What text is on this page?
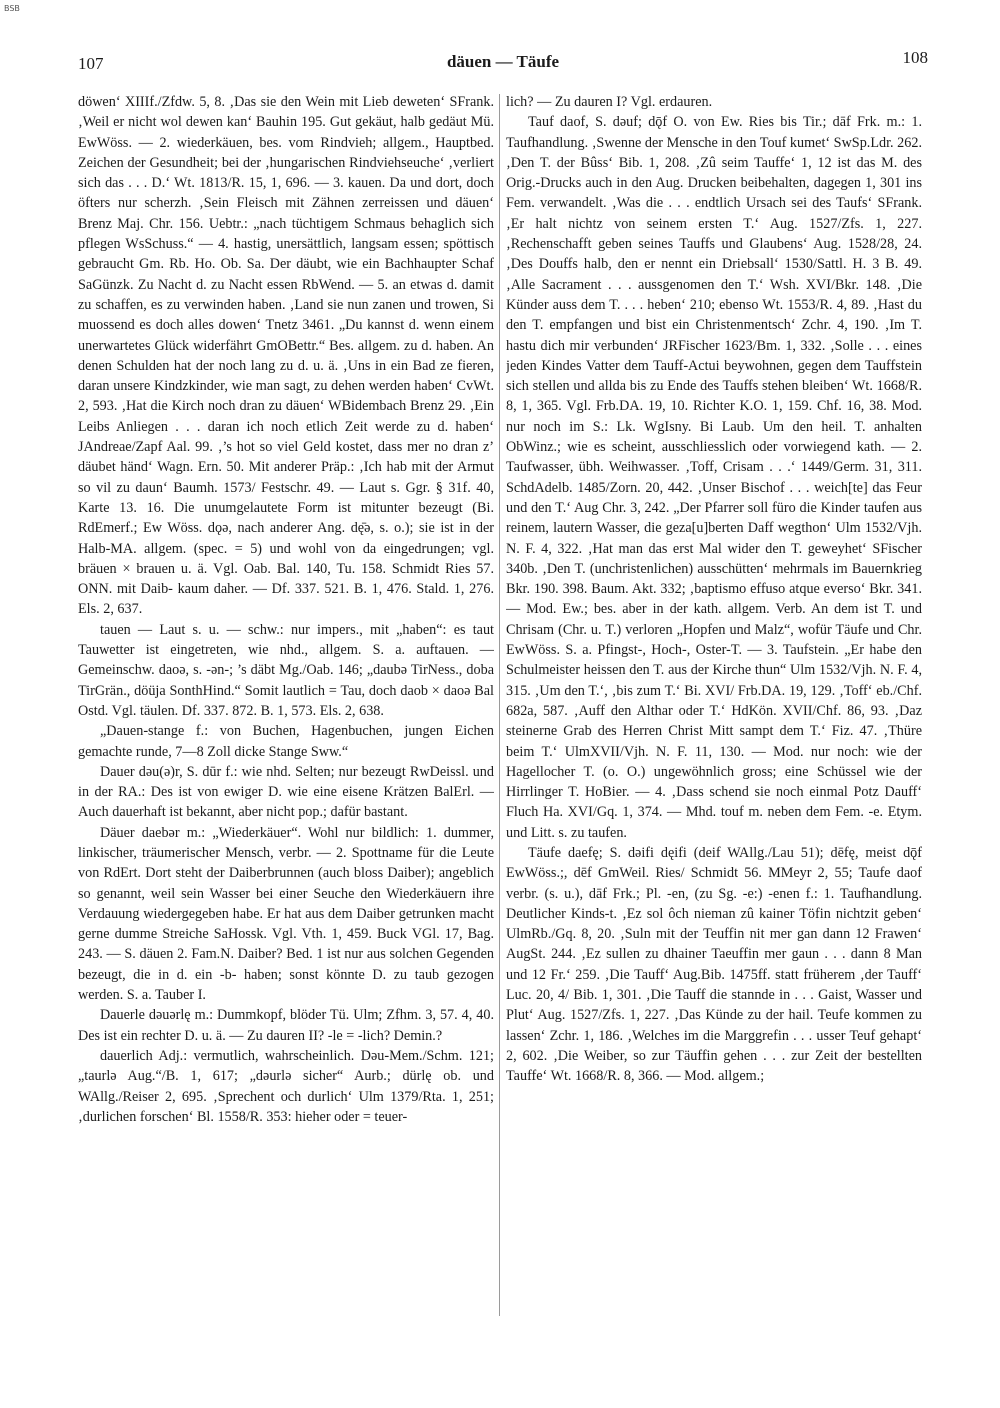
BSB
107	däuen — Täufe	108

döwen‘ XIIIf./Zfdw. 5, 8. ‚Das sie den Wein mit Lieb deweten‘ SFrank. ‚Weil er nicht wol dewen kan‘ Bauhin 195. Gut gekäut, halb gedäut Mü. EwWöss. — 2. wiederkäuen, bes. vom Rindvieh; allgem., Hauptbed. Zeichen der Gesundheit; bei der ‚hungarischen Rindviehseuche‘ ‚verliert sich das . . . D.‘ Wt. 1813/R. 15, 1, 696. — 3. kauen. Da und dort, doch öfters nur scherzh. ‚Sein Fleisch mit Zähnen zerreissen und däuen‘ Brenz Maj. Chr. 156. Uebtr.: „nach tüchtigem Schmaus behaglich sich pflegen WsSchuss.“ — 4. hastig, unersättlich, langsam essen; spöttisch gebraucht Gm. Rb. Ho. Ob. Sa. Der däubt, wie ein Bachhaupter Schaf SaGünzk. Zu Nacht d. zu Nacht essen RbWend. — 5. an etwas d. damit zu schaffen, es zu verwinden haben. ‚Land sie nun zanen und trowen, Si muossend es doch alles dowen‘ Tnetz 3461. „Du kannst d. wenn einem unerwartetes Glück widerfährt GmOBettr.“ Bes. allgem. zu d. haben. An denen Schulden hat der noch lang zu d. u. ä. ‚Uns in ein Bad ze fieren, daran unsere Kindzkinder, wie man sagt, zu dehen werden haben‘ CvWt. 2, 593. ‚Hat die Kirch noch dran zu däuen‘ WBidembach Brenz 29. ‚Ein Leibs Anliegen . . . daran ich noch etlich Zeit werde zu d. haben‘ JAndreae/Zapf Aal. 99. ‚’s hot so viel Geld kostet, dass mer no dran z’ däubet händ‘ Wagn. Ern. 50. Mit anderer Präp.: ‚Ich hab mit der Armut so vil zu daun‘ Baumh. 1573/ Festschr. 49. — Laut s. Ggr. § 31f. 40, Karte 13. 16. Die unumgelautete Form ist mitunter bezeugt (Bi. RdEmerf.; Ew Wöss. dǫə, nach anderer Ang. dę̄ə, s. o.); sie ist in der Halb-MA. allgem. (spec. = 5) und wohl von da eingedrungen; vgl. bräuen × brauen u. ä. Vgl. Oab. Bal. 140, Tu. 158. Schmidt Ries 57. ONN. mit Daib- kaum daher. — Df. 337. 521. B. 1, 476. Stald. 1, 276. Els. 2, 637.

tauen — Laut s. u. — schw.: nur impers., mit „haben“: es taut Tauwetter ist eingetreten, wie nhd., allgem. S. a. auftauen. — Gemeinschw. daoə, s. -ən-; ’s däbt Mg./Oab. 146; „daubə TirNess., doba TirGrän., döüja SonthHind.“ Somit lautlich = Tau, doch daob × daoə Bal Ostd. Vgl. täulen. Df. 337. 872. B. 1, 573. Els. 2, 638.

„Dauen-stange f.: von Buchen, Hagenbuchen, jungen Eichen gemachte runde, 7—8 Zoll dicke Stange Sww.“

Dauer dəu(ə)r, S. dūr f.: wie nhd. Selten; nur bezeugt RwDeissl. und in der RA.: Des ist von ewiger D. wie eine eisene Krätzen BalErl. — Auch dauerhaft ist bekannt, aber nicht pop.; dafür bastant.

Däuer daebər m.: „Wiederkäuer“. Wohl nur bildlich: 1. dummer, linkischer, träumerischer Mensch, verbr. — 2. Spottname für die Leute von RdErt. Dort steht der Daiberbrunnen (auch bloss Daiber); angeblich so genannt, weil sein Wasser bei einer Seuche den Wiederkäuern ihre Verdauung wiedergegeben habe. Er hat aus dem Daiber getrunken macht gerne dumme Streiche SaHossk. Vgl. Vth. 1, 459. Buck VGl. 17, Bag. 243. — S. däuen 2. Fam.N. Daiber? Bed. 1 ist nur aus solchen Gegenden bezeugt, die in d. ein -b- haben; sonst könnte D. zu taub gezogen werden. S. a. Tauber I.

Dauerle dəuərlę m.: Dummkopf, blöder Tü. Ulm; Zfhm. 3, 57. 4, 40. Des ist ein rechter D. u. ä. — Zu dauren II? -le = -lich? Demin.?

dauerlich Adj.: vermutlich, wahrscheinlich. Dəu-Mem./Schm. 121; „taurlə Aug.“/B. 1, 617; „dəurlə sicher“ Aurb.; dürlę ob. und WAllg./Reiser 2, 695. ‚Sprechent och durlich‘ Ulm 1379/Rta. 1, 251; ‚durlichen forschen‘ Bl. 1558/R. 353: hieher oder = teuer-

lich? — Zu dauren I? Vgl. erdauren.

Tauf daof, S. dəuf; dǭf O. von Ew. Ries bis Tir.; dāf Frk. m.: 1. Taufhandlung. ‚Swenne der Mensche in den Touf kumet‘ SwSp.Ldr. 262. ‚Den T. der Bûss‘ Bib. 1, 208. ‚Zû seim Tauffe‘ 1, 12 ist das M. des Orig.-Drucks auch in den Aug. Drucken beibehalten, dagegen 1, 301 ins Fem. verwandelt. ‚Was die . . . endtlich Ursach sei des Taufs‘ SFrank. ‚Er halt nichtz von seinem ersten T.‘ Aug. 1527/Zfs. 1, 227. ‚Rechenschafft geben seines Tauffs und Glaubens‘ Aug. 1528/28, 24. ‚Des Douffs halb, den er nennt ein Driebsall‘ 1530/Sattl. H. 3 B. 49. ‚Alle Sacrament . . . aussgenomen den T.‘ Wsh. XVI/Bkr. 148. ‚Die Künder auss dem T. . . . heben‘ 210; ebenso Wt. 1553/R. 4, 89. ‚Hast du den T. empfangen und bist ein Christenmentsch‘ Zchr. 4, 190. ‚Im T. hastu dich mir verbunden‘ JRFischer 1623/Bm. 1, 332. ‚Solle . . . eines jeden Kindes Vatter dem Tauff-Actui beywohnen, gegen dem Tauffstein sich stellen und allda bis zu Ende des Tauffs stehen bleiben‘ Wt. 1668/R. 8, 1, 365. Vgl. Frb.DA. 19, 10. Richter K.O. 1, 159. Chf. 16, 38. Mod. nur noch im S.: Lk. WgIsny. Bi Laub. Um den heil. T. anhalten ObWinz.; wie es scheint, ausschliesslich oder vorwiegend kath. — 2. Taufwasser, übh. Weihwasser. ‚Toff, Crisam . . .‘ 1449/Germ. 31, 311. SchdAdelb. 1485/Zorn. 20, 442. ‚Unser Bischof . . . weich[te] das Feur und den T.‘ Aug Chr. 3, 242. „Der Pfarrer soll füro die Kinder taufen aus reinem, lautern Wasser, die geza[u]berten Daff wegthon‘ Ulm 1532/Vjh. N. F. 4, 322. ‚Hat man das erst Mal wider den T. geweyhet‘ SFischer 340b. ‚Den T. (unchristenlichen) ausschütten‘ mehrmals im Bauernkrieg Bkr. 190. 398. Baum. Akt. 332; ‚baptismo effuso atque everso‘ Bkr. 341. — Mod. Ew.; bes. aber in der kath. allgem. Verb. An dem ist T. und Chrisam (Chr. u. T.) verloren „Hopfen und Malz“, wofür Täufe und Chr. EwWöss. S. a. Pfingst-, Hoch-, Oster-T. — 3. Taufstein. „Er habe den Schulmeister heissen den T. aus der Kirche thun“ Ulm 1532/Vjh. N. F. 4, 315. ‚Um den T.‘, ‚bis zum T.‘ Bi. XVI/ Frb.DA. 19, 129. ‚Toff‘ eb./Chf. 682a, 587. ‚Auff den Althar oder T.‘ HdKön. XVII/Chf. 86, 93. ‚Daz steinerne Grab des Herren Christ Mitt sampt dem T.‘ Fiz. 47. ‚Thüre beim T.‘ UlmXVII/Vjh. N. F. 11, 130. — Mod. nur noch: wie der Hagellocher T. (o. O.) ungewöhnlich gross; eine Schüssel wie der Hirrlinger T. HoBier. — 4. ‚Dass schend sie noch einmal Potz Dauff‘ Fluch Ha. XVI/Gq. 1, 374. — Mhd. touf m. neben dem Fem. -e. Etym. und Litt. s. zu taufen.

Täufe daefę; S. dəifi dęifi (deif WAllg./Lau 51); dēfę, meist dǭf EwWöss.;, dēf GmWeil. Ries/ Schmidt 56. MMeyr 2, 55; Taufe daof verbr. (s. u.), dāf Frk.; Pl. -en, (zu Sg. -e:) -enen f.: 1. Taufhandlung. Deutlicher Kinds-t. ‚Ez sol ôch nieman zû kainer Töfin nichtzit geben‘ UlmRb./Gq. 8, 20. ‚Suln mit der Teuffin nit mer gan dann 12 Frawen‘ AugSt. 244. ‚Ez sullen zu dhainer Taeuffin mer gaun . . . dann 8 Man und 12 Fr.‘ 259. ‚Die Tauff‘ Aug.Bib. 1475ff. statt früherem ‚der Tauff‘ Luc. 20, 4/ Bib. 1, 301. ‚Die Tauff die stannde in . . . Gaist, Wasser und Plut‘ Aug. 1527/Zfs. 1, 227. ‚Das Künde zu der hail. Teufe kommen zu lassen‘ Zchr. 1, 186. ‚Welches im die Marggrefin . . . usser Teuf gehapt‘ 2, 602. ‚Die Weiber, so zur Täuffin gehen . . . zur Zeit der bestellten Tauffe‘ Wt. 1668/R. 8, 366. — Mod. allgem.;
